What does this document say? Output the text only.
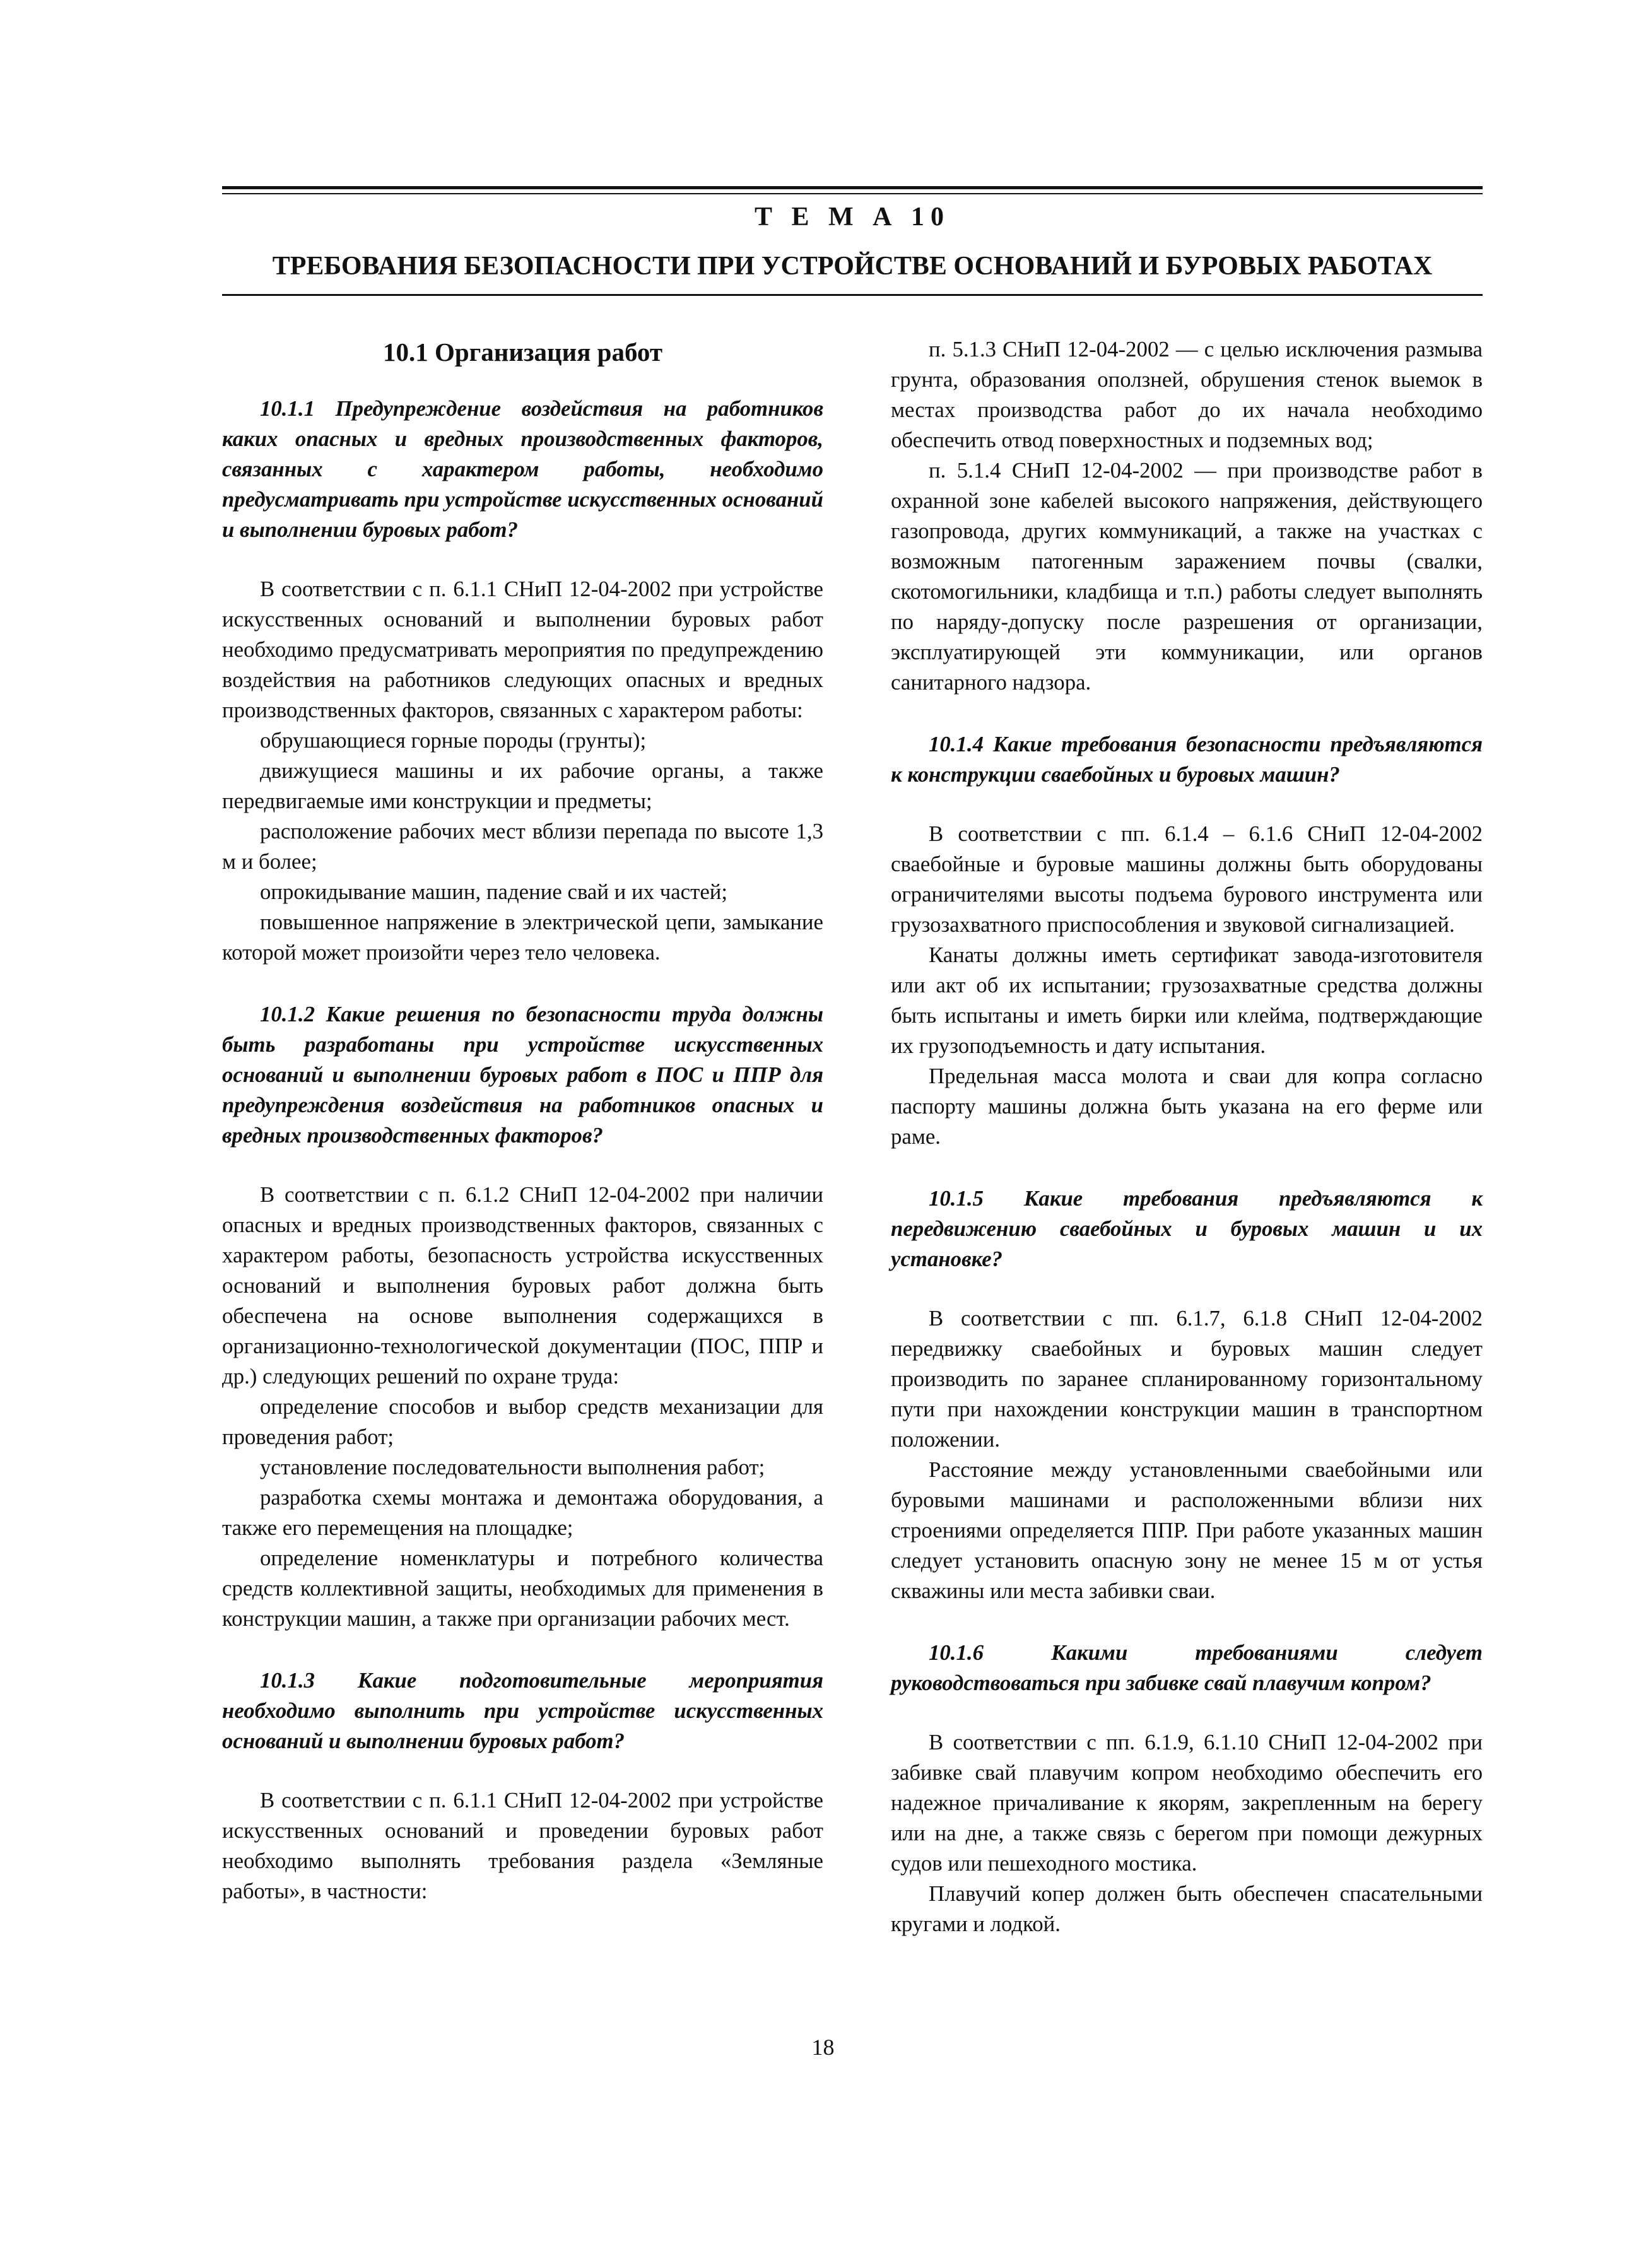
Т Е М А 10
ТРЕБОВАНИЯ БЕЗОПАСНОСТИ ПРИ УСТРОЙСТВЕ ОСНОВАНИЙ И БУРОВЫХ РАБОТАХ
10.1 Организация работ

10.1.1 Предупреждение воздействия на работников каких опасных и вредных производственных факторов, связанных с характером работы, необходимо предусматривать при устройстве искусственных оснований и выполнении буровых работ?

В соответствии с п. 6.1.1 СНиП 12-04-2002 при устройстве искусственных оснований и выполнении буровых работ необходимо предусматривать мероприятия по предупреждению воздействия на работников следующих опасных и вредных производственных факторов, связанных с характером работы:

обрушающиеся горные породы (грунты);

движущиеся машины и их рабочие органы, а также передвигаемые ими конструкции и предметы;

расположение рабочих мест вблизи перепада по высоте 1,3 м и более;

опрокидывание машин, падение свай и их частей;

повышенное напряжение в электрической цепи, замыкание которой может произойти через тело человека.

10.1.2 Какие решения по безопасности труда должны быть разработаны при устройстве искусственных оснований и выполнении буровых работ в ПОС и ППР для предупреждения воздействия на работников опасных и вредных производственных факторов?

В соответствии с п. 6.1.2 СНиП 12-04-2002 при наличии опасных и вредных производственных факторов, связанных с характером работы, безопасность устройства искусственных оснований и выполнения буровых работ должна быть обеспечена на основе выполнения содержащихся в организационно-технологической документации (ПОС, ППР и др.) следующих решений по охране труда:

определение способов и выбор средств механизации для проведения работ;

установление последовательности выполнения работ;

разработка схемы монтажа и демонтажа оборудования, а также его перемещения на площадке;

определение номенклатуры и потребного количества средств коллективной защиты, необходимых для применения в конструкции машин, а также при организации рабочих мест.

10.1.3 Какие подготовительные мероприятия необходимо выполнить при устройстве искусственных оснований и выполнении буровых работ?

В соответствии с п. 6.1.1 СНиП 12-04-2002 при устройстве искусственных оснований и проведении буровых работ необходимо выполнять требования раздела «Земляные работы», в частности:

п. 5.1.3 СНиП 12-04-2002 — с целью исключения размыва грунта, образования оползней, обрушения стенок выемок в местах производства работ до их начала необходимо обеспечить отвод поверхностных и подземных вод;

п. 5.1.4 СНиП 12-04-2002 — при производстве работ в охранной зоне кабелей высокого напряжения, действующего газопровода, других коммуникаций, а также на участках с возможным патогенным заражением почвы (свалки, скотомогильники, кладбища и т.п.) работы следует выполнять по наряду-допуску после разрешения от организации, эксплуатирующей эти коммуникации, или органов санитарного надзора.

10.1.4 Какие требования безопасности предъявляются к конструкции сваебойных и буровых машин?

В соответствии с пп. 6.1.4 – 6.1.6 СНиП 12-04-2002 сваебойные и буровые машины должны быть оборудованы ограничителями высоты подъема бурового инструмента или грузозахватного приспособления и звуковой сигнализацией.

Канаты должны иметь сертификат завода-изготовителя или акт об их испытании; грузозахватные средства должны быть испытаны и иметь бирки или клейма, подтверждающие их грузоподъемность и дату испытания.

Предельная масса молота и сваи для копра согласно паспорту машины должна быть указана на его ферме или раме.

10.1.5 Какие требования предъявляются к передвижению сваебойных и буровых машин и их установке?

В соответствии с пп. 6.1.7, 6.1.8 СНиП 12-04-2002 передвижку сваебойных и буровых машин следует производить по заранее спланированному горизонтальному пути при нахождении конструкции машин в транспортном положении.

Расстояние между установленными сваебойными или буровыми машинами и расположенными вблизи них строениями определяется ППР. При работе указанных машин следует установить опасную зону не менее 15 м от устья скважины или места забивки сваи.

10.1.6 Какими требованиями следует руководствоваться при забивке свай плавучим копром?

В соответствии с пп. 6.1.9, 6.1.10 СНиП 12-04-2002 при забивке свай плавучим копром необходимо обеспечить его надежное причаливание к якорям, закрепленным на берегу или на дне, а также связь с берегом при помощи дежурных судов или пешеходного мостика.

Плавучий копер должен быть обеспечен спасательными кругами и лодкой.

18
